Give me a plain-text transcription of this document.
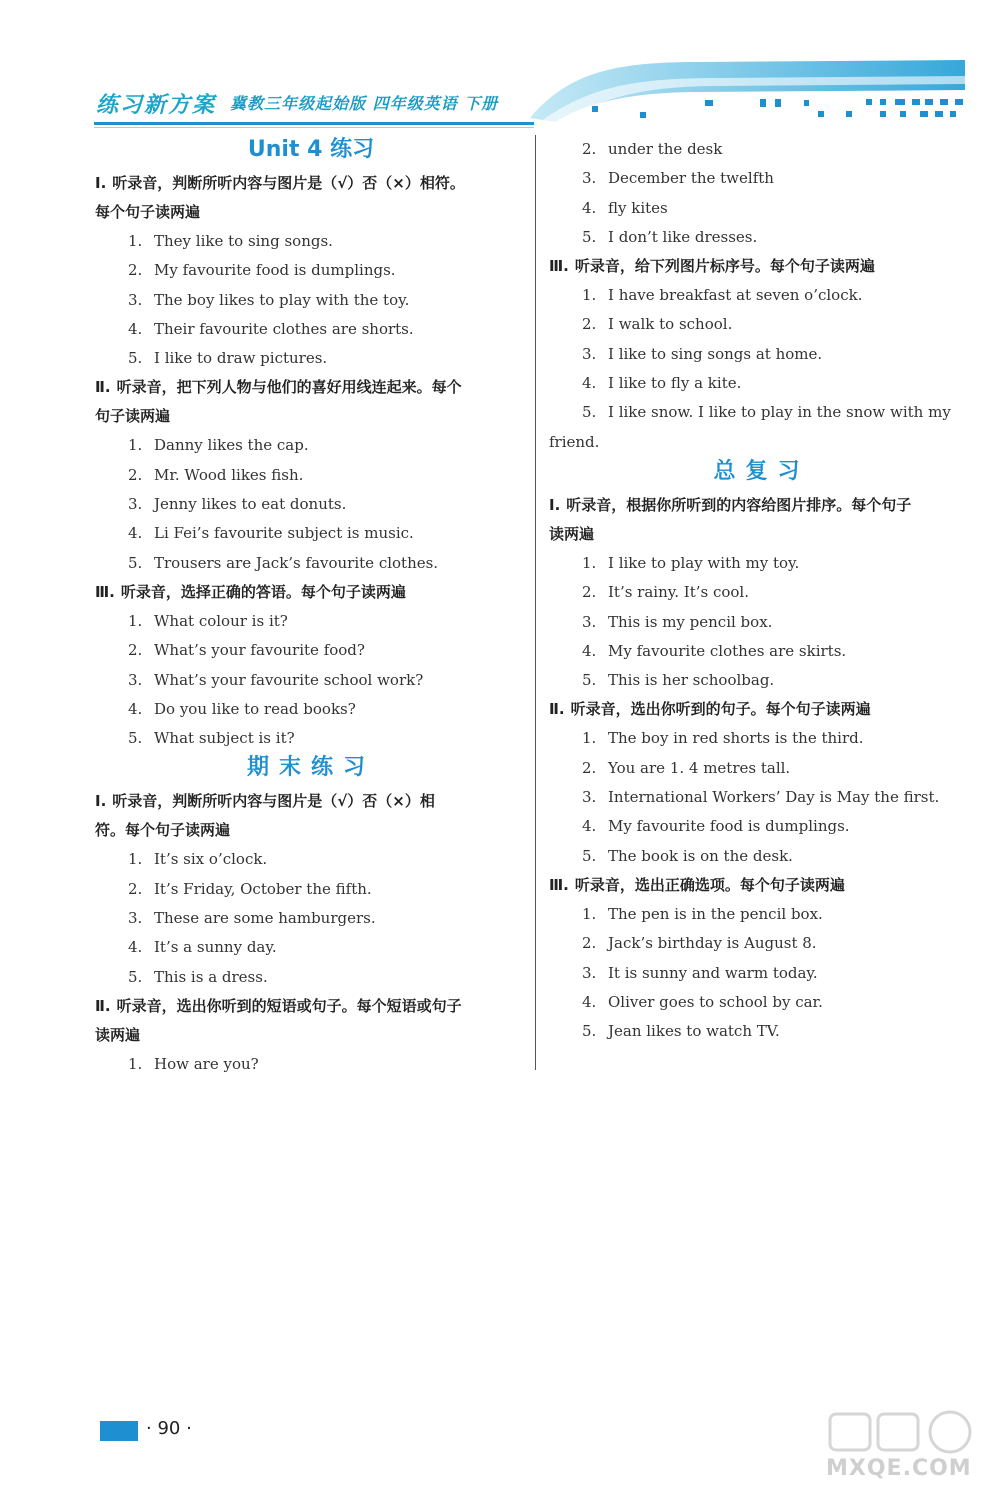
练习新方案 冀教三年级起始版 四年级英语 下册
Unit 4 练习
Ⅰ. 听录音，判断所听内容与图片是（√）否（×）相符。
每个句子读两遍
1. They like to sing songs.
2. My favourite food is dumplings.
3. The boy likes to play with the toy.
4. Their favourite clothes are shorts.
5. I like to draw pictures.
Ⅱ. 听录音，把下列人物与他们的喜好用线连起来。每个
句子读两遍
1. Danny likes the cap.
2. Mr. Wood likes fish.
3. Jenny likes to eat donuts.
4. Li Fei’s favourite subject is music.
5. Trousers are Jack’s favourite clothes.
Ⅲ. 听录音，选择正确的答语。每个句子读两遍
1. What colour is it?
2. What’s your favourite food?
3. What’s your favourite school work?
4. Do you like to read books?
5. What subject is it?
期末练习
Ⅰ. 听录音，判断所听内容与图片是（√）否（×）相
符。每个句子读两遍
1. It’s six o’clock.
2. It’s Friday, October the fifth.
3. These are some hamburgers.
4. It’s a sunny day.
5. This is a dress.
Ⅱ. 听录音，选出你听到的短语或句子。每个短语或句子
读两遍
1. How are you?
2. under the desk
3. December the twelfth
4. fly kites
5. I don’t like dresses.
Ⅲ. 听录音，给下列图片标序号。每个句子读两遍
1. I have breakfast at seven o’clock.
2. I walk to school.
3. I like to sing songs at home.
4. I like to fly a kite.
5. I like snow. I like to play in the snow with my
friend.
总复习
Ⅰ. 听录音，根据你所听到的内容给图片排序。每个句子
读两遍
1. I like to play with my toy.
2. It’s rainy. It’s cool.
3. This is my pencil box.
4. My favourite clothes are skirts.
5. This is her schoolbag.
Ⅱ. 听录音，选出你听到的句子。每个句子读两遍
1. The boy in red shorts is the third.
2. You are 1. 4 metres tall.
3. International Workers’ Day is May the first.
4. My favourite food is dumplings.
5. The book is on the desk.
Ⅲ. 听录音，选出正确选项。每个句子读两遍
1. The pen is in the pencil box.
2. Jack’s birthday is August 8.
3. It is sunny and warm today.
4. Oliver goes to school by car.
5. Jean likes to watch TV.
· 90 ·
MXQE.COM
